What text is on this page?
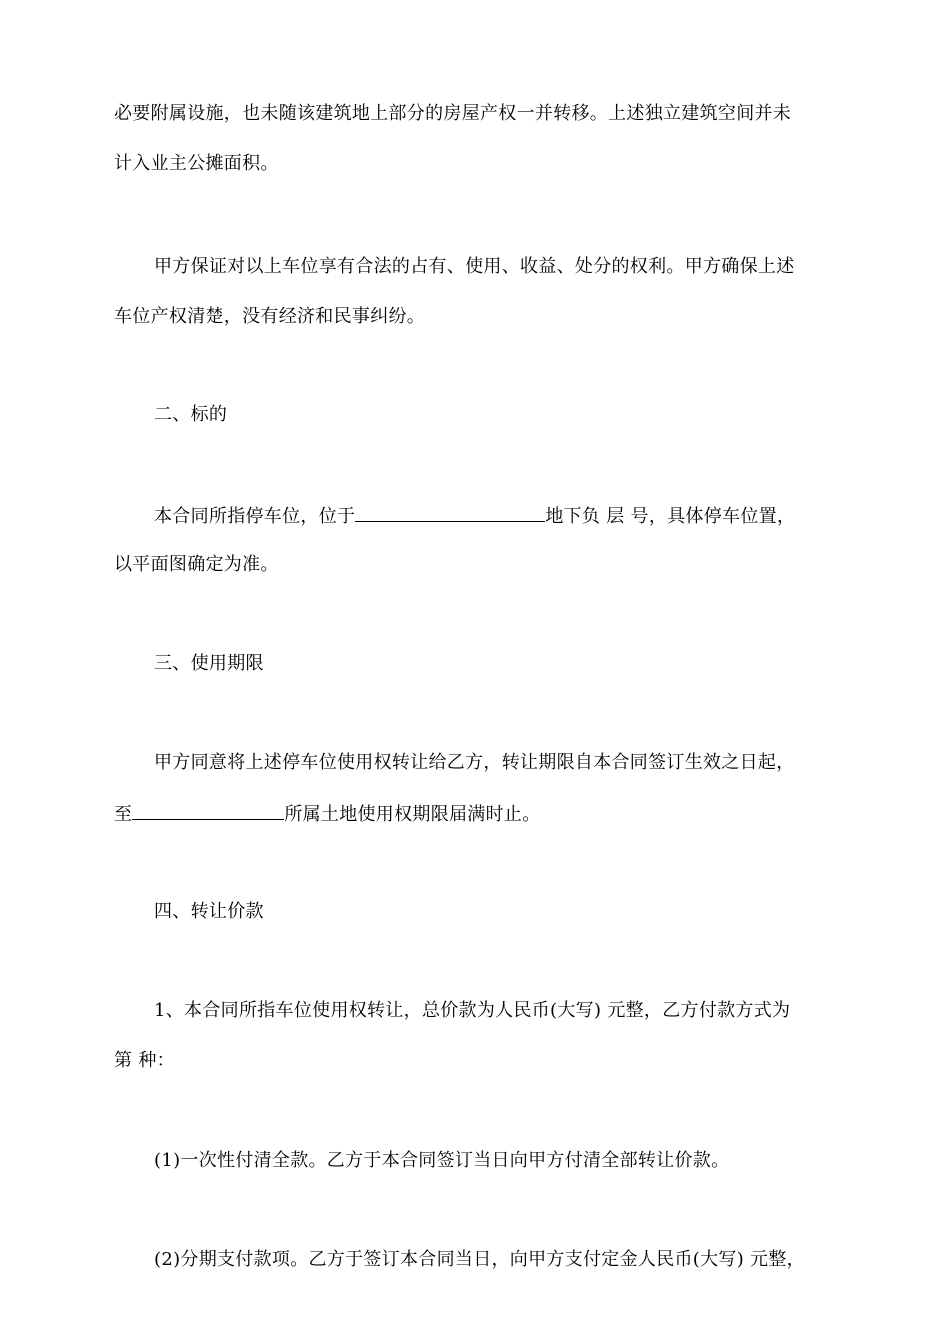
必要附属设施，也未随该建筑地上部分的房屋产权一并转移。上述独立建筑空间并未
计入业主公摊面积。
甲方保证对以上车位享有合法的占有、使用、收益、处分的权利。甲方确保上述
车位产权清楚，没有经济和民事纠纷。
二、标的
本合同所指停车位，位于	地下负 层 号，具体停车位置，
以平面图确定为准。
三、使用期限
甲方同意将上述停车位使用权转让给乙方，转让期限自本合同签订生效之日起，
至	所属土地使用权期限届满时止。
四、转让价款
1、本合同所指车位使用权转让，总价款为人民币(大写) 元整，乙方付款方式为
第 种：
(1)一次性付清全款。乙方于本合同签订当日向甲方付清全部转让价款。
(2)分期支付款项。乙方于签订本合同当日，向甲方支付定金人民币(大写) 元整，
